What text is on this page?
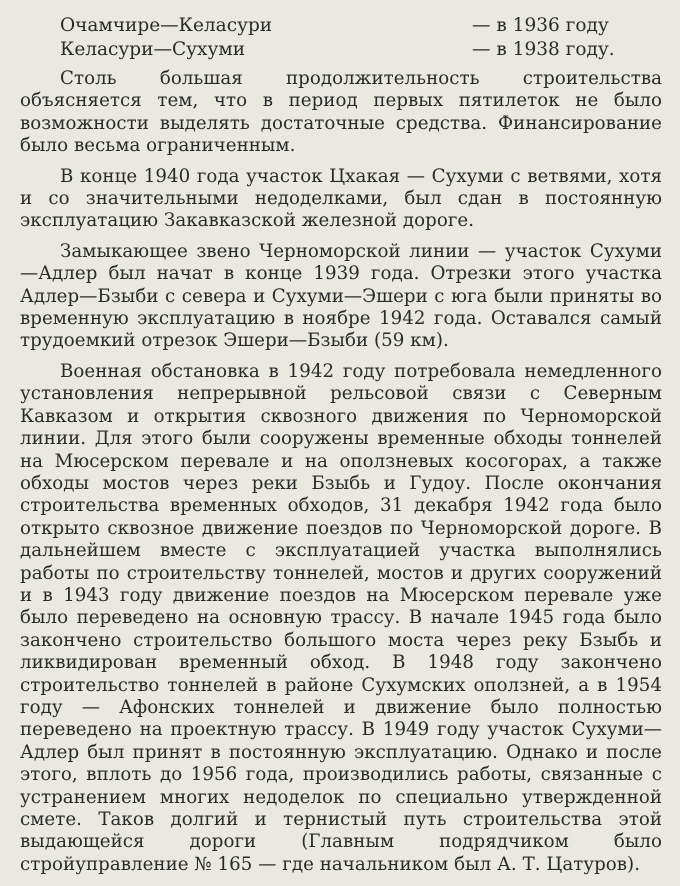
Очамчире—Келасури	— в 1936 году
Келасури—Сухуми	— в 1938 году.

Столь большая продолжительность строительства объясняется тем, что в период первых пятилеток не было возможности выделять достаточные средства. Финансирование было весьма ограниченным.

В конце 1940 года участок Цхакая — Сухуми с ветвями, хотя и со значительными недоделками, был сдан в постоянную эксплуатацию Закавказской железной дороге.

Замыкающее звено Черноморской линии — участок Сухуми—Адлер был начат в конце 1939 года. Отрезки этого участка Адлер—Бзыби с севера и Сухуми—Эшери с юга были приняты во временную эксплуатацию в ноябре 1942 года. Оставался самый трудоемкий отрезок Эшери—Бзыби (59 км).

Военная обстановка в 1942 году потребовала немедленного установления непрерывной рельсовой связи с Северным Кавказом и открытия сквозного движения по Черноморской линии. Для этого были сооружены временные обходы тоннелей на Мюсерском перевале и на оползневых косогорах, а также обходы мостов через реки Бзыбь и Гудоу. После окончания строительства временных обходов, 31 декабря 1942 года было открыто сквозное движение поездов по Черноморской дороге. В дальнейшем вместе с эксплуатацией участка выполнялись работы по строительству тоннелей, мостов и других сооружений и в 1943 году движение поездов на Мюсерском перевале уже было переведено на основную трассу. В начале 1945 года было закончено строительство большого моста через реку Бзыбь и ликвидирован временный обход. В 1948 году закончено строительство тоннелей в районе Сухумских оползней, а в 1954 году — Афонских тоннелей и движение было полностью переведено на проектную трассу. В 1949 году участок Сухуми—Адлер был принят в постоянную эксплуатацию. Однако и после этого, вплоть до 1956 года, производились работы, связанные с устранением многих недоделок по специально утвержденной смете. Таков долгий и тернистый путь строительства этой выдающейся дороги (Главным подрядчиком было стройуправление № 165 — где начальником был А. Т. Цатуров).
